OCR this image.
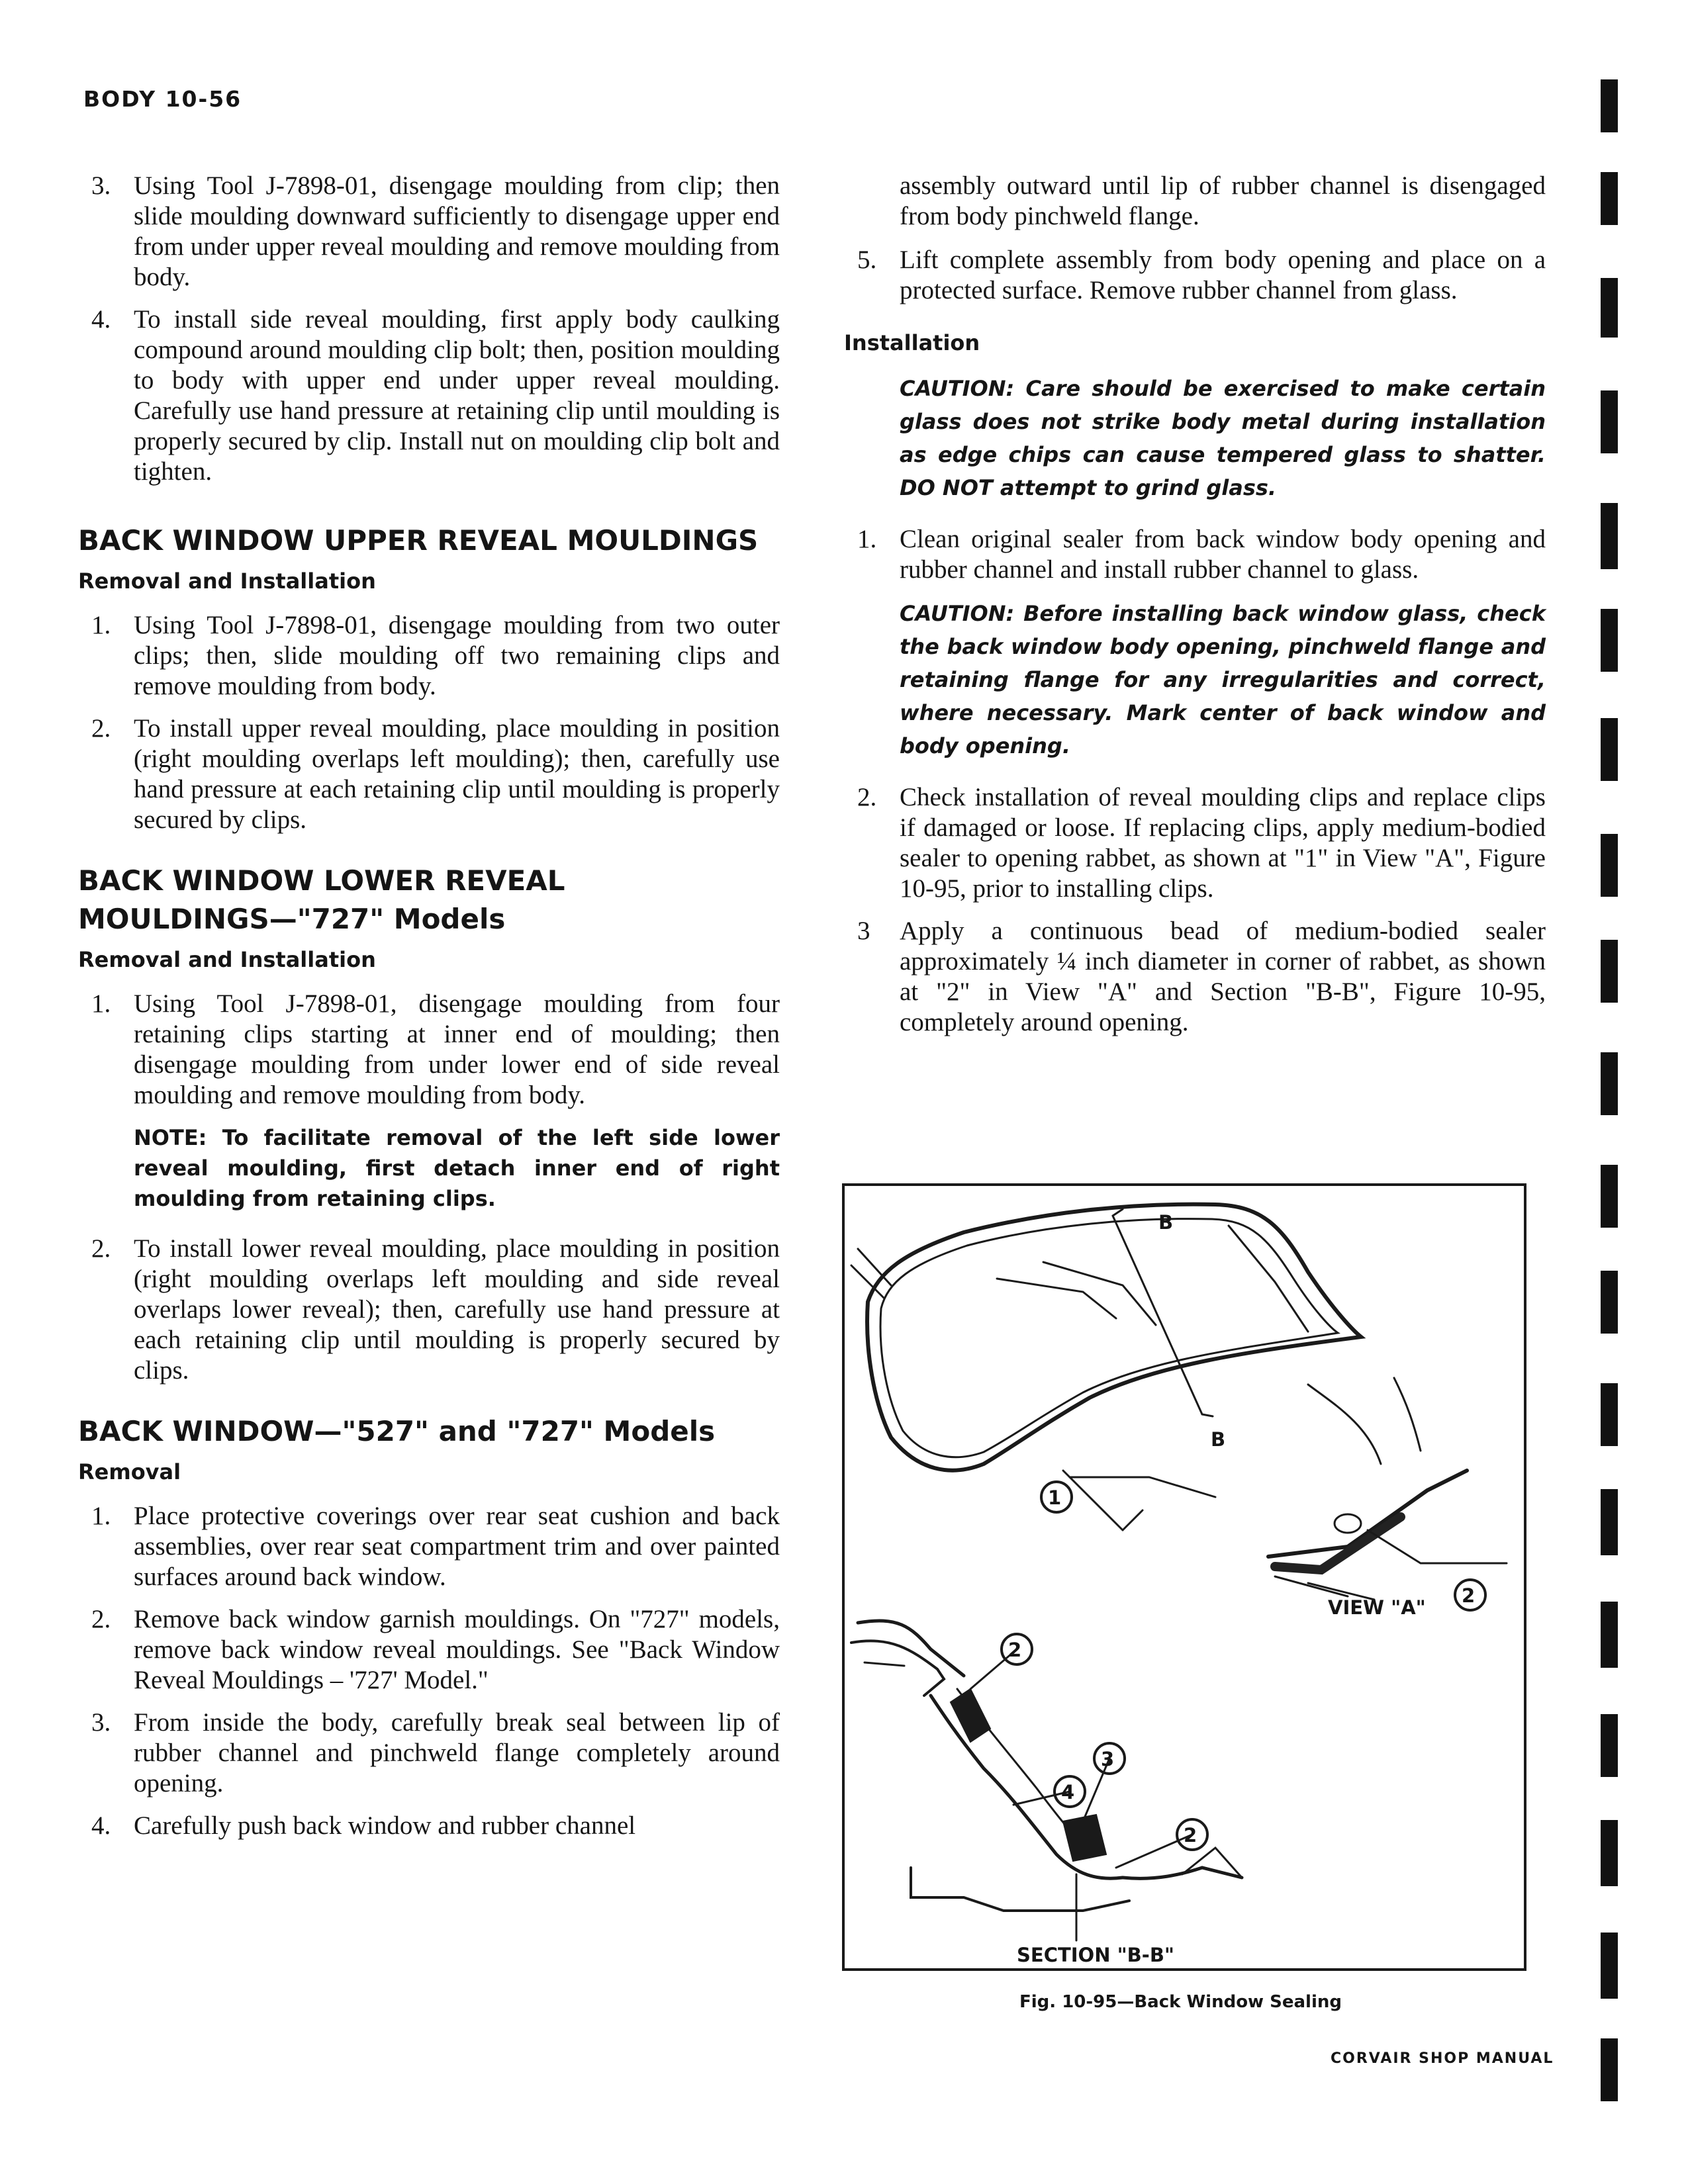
BODY 10-56
3. Using Tool J-7898-01, disengage moulding from clip; then slide moulding downward sufficiently to disengage upper end from under upper reveal moulding and remove moulding from body.
4. To install side reveal moulding, first apply body caulking compound around moulding clip bolt; then, position moulding to body with upper end under upper reveal moulding. Carefully use hand pressure at retaining clip until moulding is properly secured by clip. Install nut on moulding clip bolt and tighten.
BACK WINDOW UPPER REVEAL MOULDINGS
Removal and Installation
1. Using Tool J-7898-01, disengage moulding from two outer clips; then, slide moulding off two remaining clips and remove moulding from body.
2. To install upper reveal moulding, place moulding in position (right moulding overlaps left moulding); then, carefully use hand pressure at each retaining clip until moulding is properly secured by clips.
BACK WINDOW LOWER REVEAL
MOULDINGS—"727" Models
Removal and Installation
1. Using Tool J-7898-01, disengage moulding from four retaining clips starting at inner end of moulding; then disengage moulding from under lower end of side reveal moulding and remove moulding from body.
NOTE: To facilitate removal of the left side lower reveal moulding, first detach inner end of right moulding from retaining clips.
2. To install lower reveal moulding, place moulding in position (right moulding overlaps left moulding and side reveal overlaps lower reveal); then, carefully use hand pressure at each retaining clip until moulding is properly secured by clips.
BACK WINDOW—"527" and "727" Models
Removal
1. Place protective coverings over rear seat cushion and back assemblies, over rear seat compartment trim and over painted surfaces around back window.
2. Remove back window garnish mouldings. On "727" models, remove back window reveal mouldings. See "Back Window Reveal Mouldings – '727' Model."
3. From inside the body, carefully break seal between lip of rubber channel and pinchweld flange completely around opening.
4. Carefully push back window and rubber channel
assembly outward until lip of rubber channel is disengaged from body pinchweld flange.
5. Lift complete assembly from body opening and place on a protected surface. Remove rubber channel from glass.
Installation
CAUTION: Care should be exercised to make certain glass does not strike body metal during installation as edge chips can cause tempered glass to shatter. DO NOT attempt to grind glass.
1. Clean original sealer from back window body opening and rubber channel and install rubber channel to glass.
CAUTION: Before installing back window glass, check the back window body opening, pinchweld flange and retaining flange for any irregularities and correct, where necessary. Mark center of back window and body opening.
2. Check installation of reveal moulding clips and replace clips if damaged or loose. If replacing clips, apply medium-bodied sealer to opening rabbet, as shown at "1" in View "A", Figure 10-95, prior to installing clips.
3 Apply a continuous bead of medium-bodied sealer approximately ¼ inch diameter in corner of rabbet, as shown at "2" in View "A" and Section "B-B", Figure 10-95, completely around opening.
B
B
1
2
2
3
4
2
VIEW "A"
SECTION "B-B"
Fig. 10-95—Back Window Sealing
CORVAIR SHOP MANUAL
